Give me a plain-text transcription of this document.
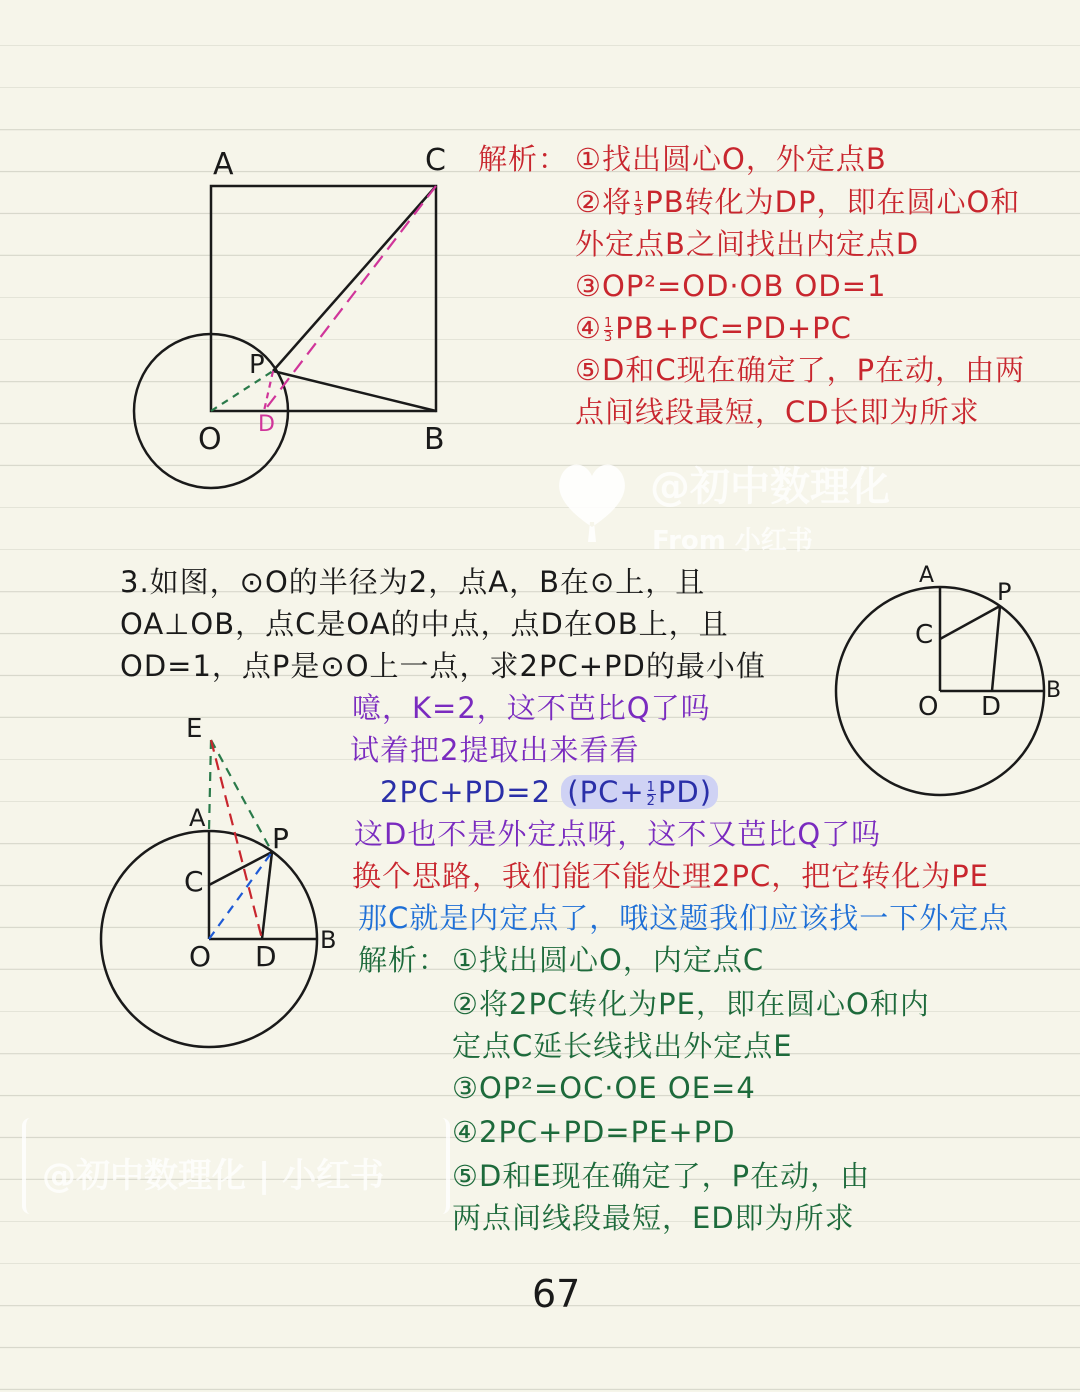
A	C
P
O D	B
解析： ①找出圆心O，外定点B
②将 $\frac{1}{3}$ PB转化为DP，即在圆心O和
外定点B之间找出内定点D
③OP²=OD·OB OD=1
④ $\frac{1}{3} PB+PC=PD+PC$
⑤D和C现在确定了，P在动，由两
点间线段最短，CD长即为所求
@初中数理化
From 小红书
3.如图，⊙O的半径为2，点A，B在⊙上，且
OA⊥OB，点C是OA的中点，点D在OB上，且
OD=1，点P是⊙O上一点，求2PC+PD的最小值
A
P
C
O D
B
噫，K=2，这不芭比Q了吗
试着把2提取出来看看
2PC+PD=2 $(PC+ \frac{1}{2} PD)$
这D也不是外定点呀，这不又芭比Q了吗
换个思路，我们能不能处理2PC，把它转化为PE
那C就是内定点了，哦这题我们应该找一下外定点
E
A
P
C
O D B
解析： ①找出圆心O，内定点C
②将2PC转化为PE，即在圆心O和内
定点C延长线找出外定点E
③OP²=OC·OE OE=4
④2PC+PD=PE+PD
⑤D和E现在确定了，P在动，由
两点间线段最短，ED即为所求
@初中数理化 | 小红书
67
